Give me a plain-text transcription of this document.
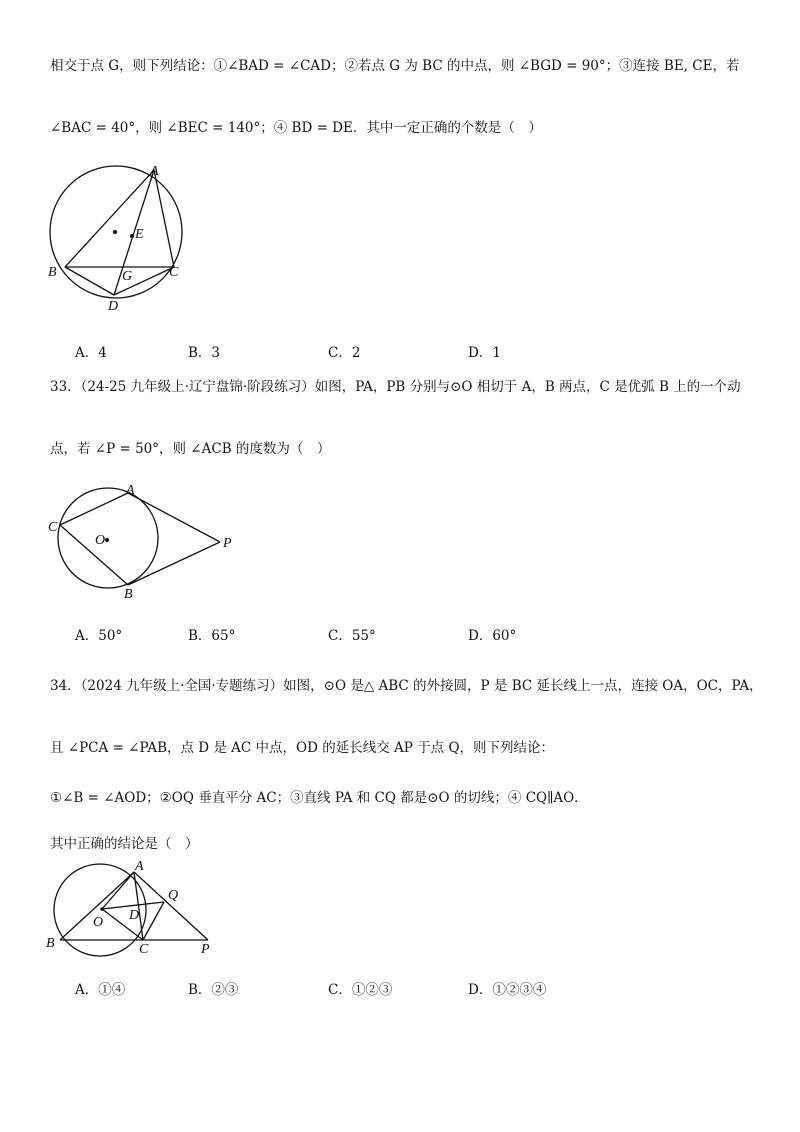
相交于点 G，则下列结论：①∠BAD = ∠CAD；②若点 G 为 BC 的中点，则 ∠BGD = 90°；③连接 BE, CE，若
∠BAC = 40°，则 ∠BEC = 140°；④ BD = DE．其中一定正确的个数是（　）
A
E
B	G	C
D
A．4	B．3	C．2	D．1
33．（24-25 九年级上·辽宁盘锦·阶段练习）如图，PA，PB 分别与⊙O 相切于 A，B 两点，C 是优弧 B 上的一个动
点，若 ∠P = 50°，则 ∠ACB 的度数为（　）
A
C
O	P
B
A．50°	B．65°	C．55°	D．60°
34．（2024 九年级上·全国·专题练习）如图，⊙O 是△ ABC 的外接圆，P 是 BC 延长线上一点，连接 OA，OC，PA，
且 ∠PCA = ∠PAB，点 D 是 AC 中点，OD 的延长线交 AP 于点 Q，则下列结论：
①∠B = ∠AOD；②OQ 垂直平分 AC；③直线 PA 和 CQ 都是⊙O 的切线；④ CQ∥AO．
其中正确的结论是（　）
A
Q
D
O
B	C	P
A．①④	B．②③	C．①②③	D．①②③④
